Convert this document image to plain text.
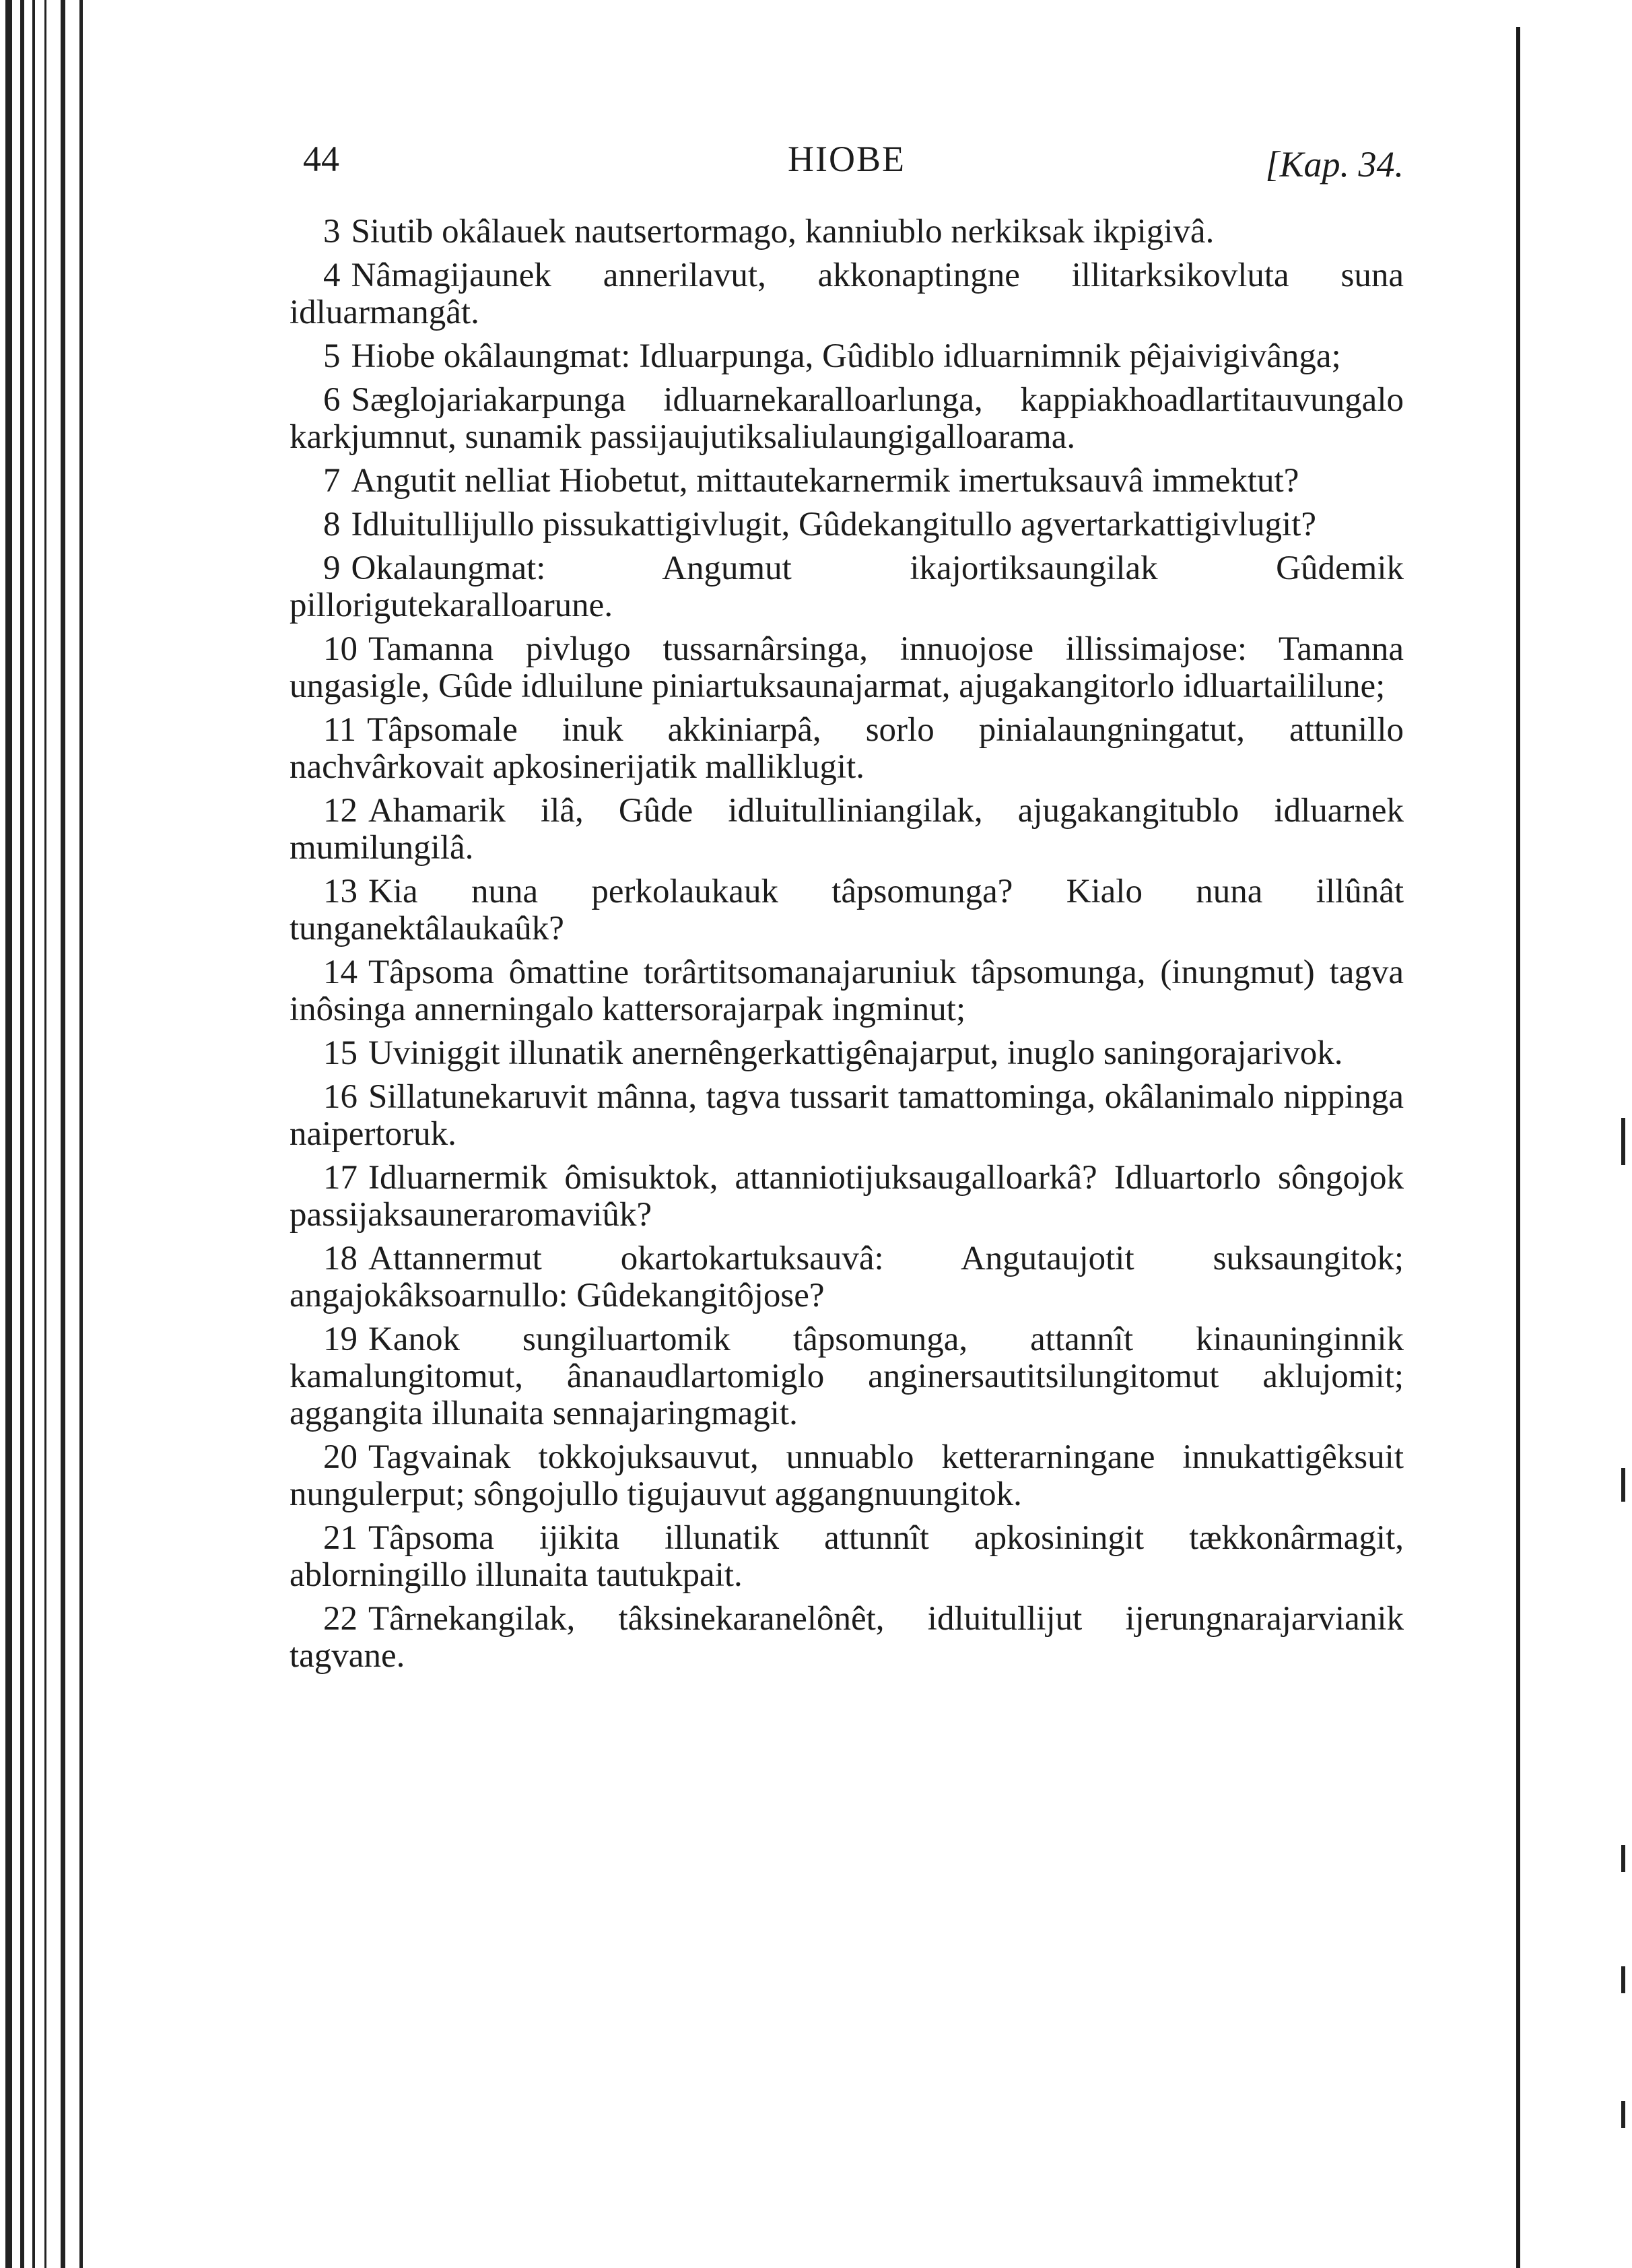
44	HIOBE	[Kap. 34.

3 Siutib okâlauek nautsertormago, kanniublo nerkiksak ikpigivâ.

4 Nâmagijaunek annerilavut, akkonaptingne illitarksikovluta suna idluarmangât.

5 Hiobe okâlaungmat: Idluarpunga, Gûdiblo idluarnimnik pêjaivigivânga;

6 Sæglojariakarpunga idluarnekaralloarlunga, kappiakhoadlartitauvungalo karkjumnut, sunamik passijaujutiksaliulaungigalloarama.

7 Angutit nelliat Hiobetut, mittautekarnermik imertuksauvâ immektut?

8 Idluitullijullo pissukattigivlugit, Gûdekangitullo agvertarkattigivlugit?

9 Okalaungmat: Angumut ikajortiksaungilak Gûdemik pillorigutekaralloarune.

10 Tamanna pivlugo tussarnârsinga, innuojose illissimajose: Tamanna ungasigle, Gûde idluilune piniartuksaunajarmat, ajugakangitorlo idluartaililune;

11 Tâpsomale inuk akkiniarpâ, sorlo pinialaungningatut, attunillo nachvârkovait apkosinerijatik malliklugit.

12 Ahamarik ilâ, Gûde idluitulliniangilak, ajugakangitublo idluarnek mumilungilâ.

13 Kia nuna perkolaukauk tâpsomunga? Kialo nuna illûnât tunganektâlaukaûk?

14 Tâpsoma ômattine torârtitsomanajaruniuk tâpsomunga, (inungmut) tagva inôsinga annerningalo kattersorajarpak ingminut;

15 Uviniggit illunatik anernêngerkattigênajarput, inuglo saningorajarivok.

16 Sillatunekaruvit mânna, tagva tussarit tamattominga, okâlanimalo nippinga naipertoruk.

17 Idluarnermik ômisuktok, attanniotijuksaugalloarkâ? Idluartorlo sôngojok passijaksauneraromaviûk?

18 Attannermut okartokartuksauvâ: Angutaujotit suksaungitok; angajokâksoarnullo: Gûdekangitôjose?

19 Kanok sungiluartomik tâpsomunga, attannît kinauninginnik kamalungitomut, ânanaudlartomiglo anginersautitsilungitomut aklujomit; aggangita illunaita sennajaringmagit.

20 Tagvainak tokkojuksauvut, unnuablo ketterarningane innukattigêksuit nungulerput; sôngojullo tigujauvut aggangnuungitok.

21 Tâpsoma ijikita illunatik attunnît apkosiningit tækkonârmagit, ablorningillo illunaita tautukpait.

22 Târnekangilak, tâksinekaranelônêt, idluitullijut ijerungnarajarvianik tagvane.
